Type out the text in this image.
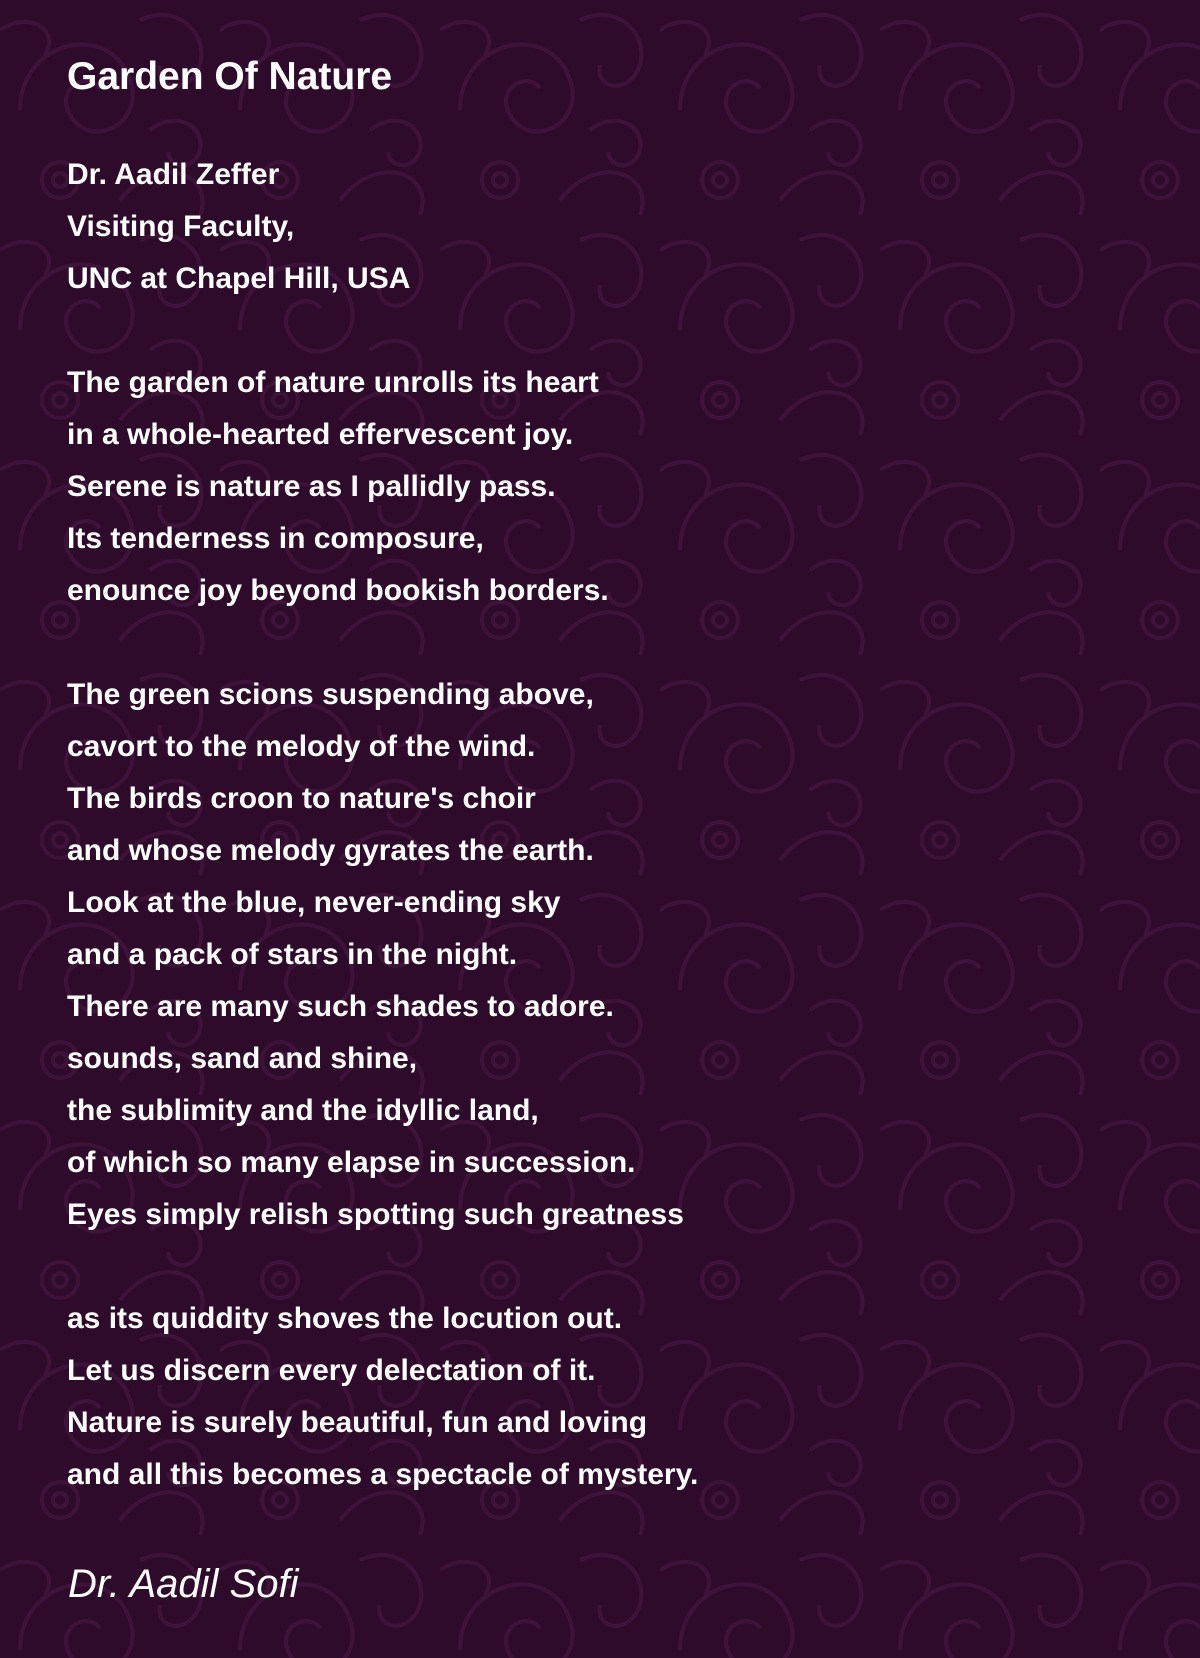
Garden Of Nature
Dr. Aadil Zeffer
Visiting Faculty,
UNC at Chapel Hill, USA
The garden of nature unrolls its heart
in a whole-hearted effervescent joy.
Serene is nature as I pallidly pass.
Its tenderness in composure,
enounce joy beyond bookish borders.
The green scions suspending above,
cavort to the melody of the wind.
The birds croon to nature's choir
and whose melody gyrates the earth.
Look at the blue, never-ending sky
and a pack of stars in the night.
There are many such shades to adore.
sounds, sand and shine,
the sublimity and the idyllic land,
of which so many elapse in succession.
Eyes simply relish spotting such greatness
as its quiddity shoves the locution out.
Let us discern every delectation of it.
Nature is surely beautiful, fun and loving
and all this becomes a spectacle of mystery.
Dr. Aadil Sofi
